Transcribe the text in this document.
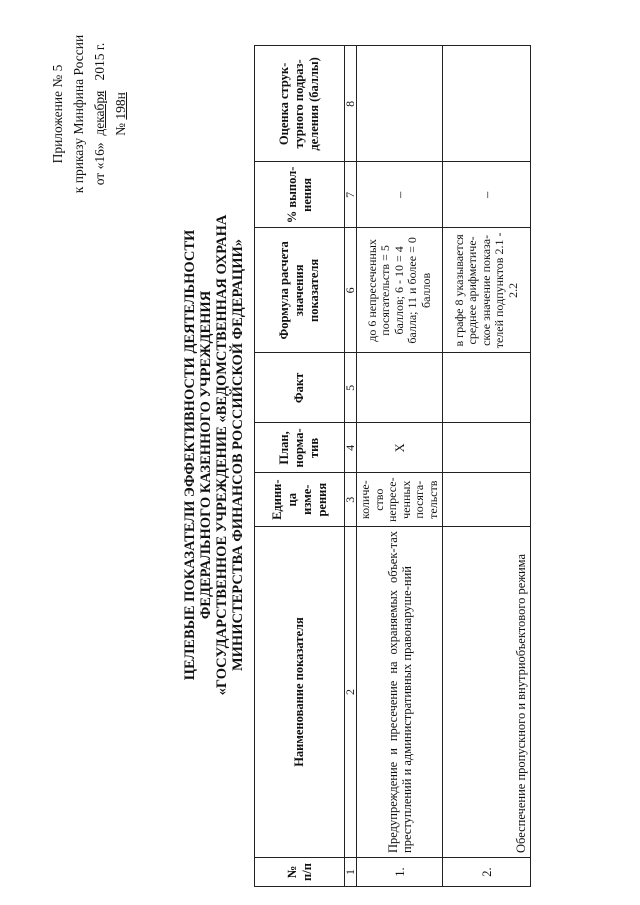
Приложение № 5 к приказу Минфина России от «16»  декабря   2015 г.
№ 198н
ЦЕЛЕВЫЕ ПОКАЗАТЕЛИ ЭФФЕКТИВНОСТИ ДЕЯТЕЛЬНОСТИ ФЕДЕРАЛЬНОГО КАЗЕННОГО УЧРЕЖДЕНИЯ «ГОСУДАРСТВЕННОЕ УЧРЕЖДЕНИЕ «ВЕДОМСТВЕННАЯ ОХРАНА МИНИСТЕРСТВА ФИНАНСОВ РОССИЙСКОЙ ФЕДЕРАЦИИ»
№ п/п	Наименование показателя	Едини-ца изме-рения	План, норма-тив	Факт	Формула расчета значения показателя	% выпол-нения	Оценка струк-турного подраз-деления (баллы)
1	2	3	4	5	6	7	8
1.	Предупреждение и пресечение на охраняемых объек-тах преступлений и административных правонаруше-ний	количе-ство непресе-ченных посяга-тельств	Х		до 6 непресеченных посягательств = 5 баллов; 6 - 10 = 4 балла; 11 и более = 0 баллов	–	
2.	Обеспечение пропускного и внутриобъектового режима				в графе 8 указывается среднее арифметиче-ское значение показа-телей подпунктов 2.1 - 2.2	–	
